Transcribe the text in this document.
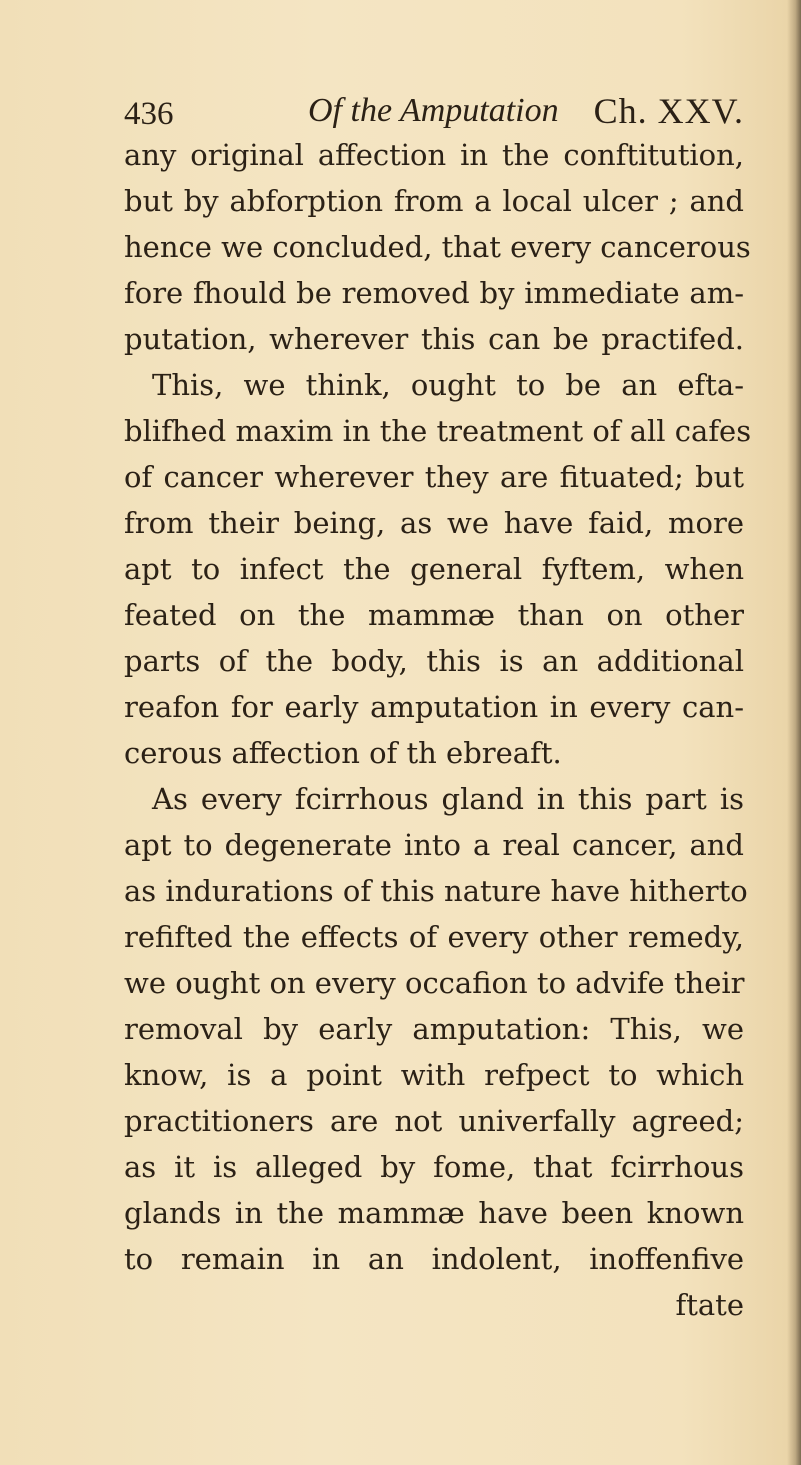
436	Of the Amputation Ch. XXV.
any original affection in the conftitution,
but by abforption from a local ulcer ; and
hence we concluded, that every cancerous
fore fhould be removed by immediate am-
putation, wherever this can be practifed.
This, we think, ought to be an efta-
blifhed maxim in the treatment of all cafes
of cancer wherever they are fituated; but
from their being, as we have faid, more
apt to infect the general fyftem, when
feated on the mammæ than on other
parts of the body, this is an additional
reafon for early amputation in every can-
cerous affection of th ebreaft.
As every fcirrhous gland in this part is
apt to degenerate into a real cancer, and
as indurations of this nature have hitherto
refifted the effects of every other remedy,
we ought on every occafion to advife their
removal by early amputation: This, we
know, is a point with refpect to which
practitioners are not univerfally agreed;
as it is alleged by fome, that fcirrhous
glands in the mammæ have been known
to remain in an indolent, inoffenfive
ftate
